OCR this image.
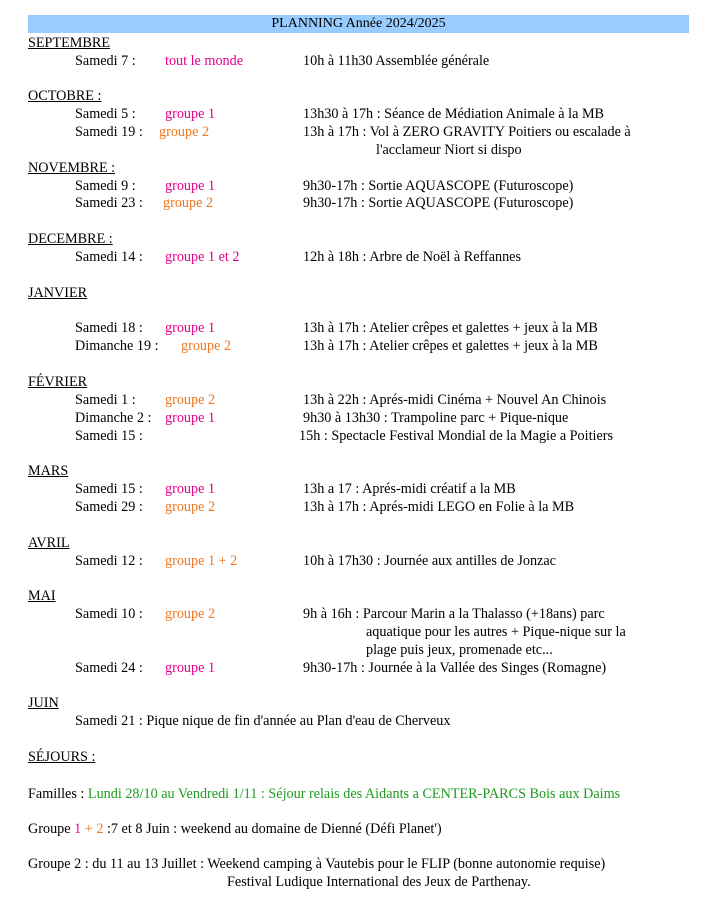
PLANNING Année 2024/2025
SEPTEMBRE
Samedi 7 : tout le monde	10h à 11h30 Assemblée générale
OCTOBRE :
Samedi 5 : groupe 1	13h30 à 17h : Séance de Médiation Animale à la MB
Samedi 19 : groupe 2	13h à 17h : Vol à ZERO GRAVITY Poitiers ou escalade à
l'acclameur Niort si dispo
NOVEMBRE :
Samedi 9 : groupe 1	9h30-17h : Sortie AQUASCOPE (Futuroscope)
Samedi 23 : groupe 2	9h30-17h : Sortie AQUASCOPE (Futuroscope)
DECEMBRE :
Samedi 14 : groupe 1 et 2	12h à 18h : Arbre de Noël à Reffannes
JANVIER
Samedi 18 : groupe 1	13h à 17h : Atelier crêpes et galettes + jeux à la MB
Dimanche 19 : groupe 2	13h à 17h : Atelier crêpes et galettes + jeux à la MB
FÉVRIER
Samedi 1 : groupe 2	13h à 22h : Aprés-midi Cinéma + Nouvel An Chinois
Dimanche 2 : groupe 1	9h30 à 13h30 : Trampoline parc + Pique-nique
Samedi 15 :	15h : Spectacle Festival Mondial de la Magie a Poitiers
MARS
Samedi 15 : groupe 1	13h a 17 : Aprés-midi créatif a la MB
Samedi 29 : groupe 2	13h à 17h : Aprés-midi LEGO en Folie à la MB
AVRIL
Samedi 12 : groupe 1 + 2	10h à 17h30 : Journée aux antilles de Jonzac
MAI
Samedi 10 : groupe 2	9h à 16h : Parcour Marin a la Thalasso (+18ans) parc
aquatique pour les autres + Pique-nique sur la
plage puis jeux, promenade etc...
Samedi 24 : groupe 1	9h30-17h : Journée à la Vallée des Singes (Romagne)
JUIN
Samedi 21 : Pique nique de fin d'année au Plan d'eau de Cherveux
SÉJOURS :
Familles : Lundi 28/10 au Vendredi 1/11 : Séjour relais des Aidants a CENTER-PARCS Bois aux Daims
Groupe 1 + 2 :7 et 8 Juin : weekend au domaine de Dienné (Défi Planet')
Groupe 2 : du 11 au 13 Juillet : Weekend camping à Vautebis pour le FLIP (bonne autonomie requise)
Festival Ludique International des Jeux de Parthenay.
